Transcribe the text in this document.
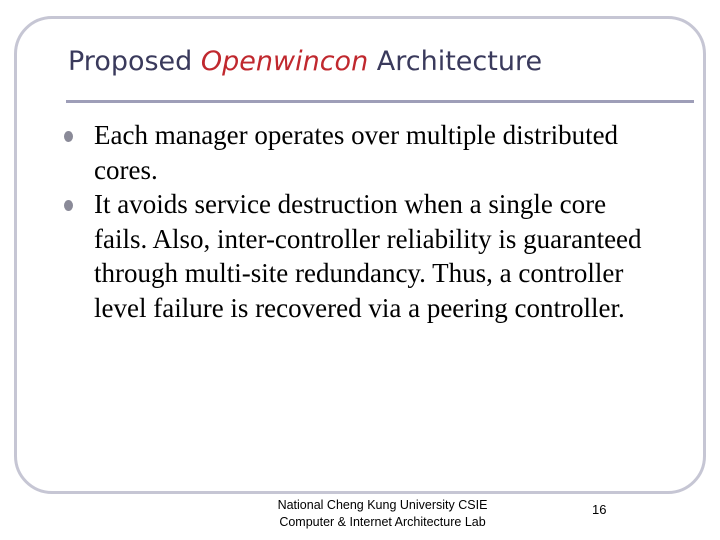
Proposed Openwincon Architecture
Each manager operates over multiple distributed cores.
It avoids service destruction when a single core fails. Also, inter-controller reliability is guaranteed through multi-site redundancy. Thus, a controller level failure is recovered via a peering controller.
National Cheng Kung University CSIE
Computer & Internet Architecture Lab
16
